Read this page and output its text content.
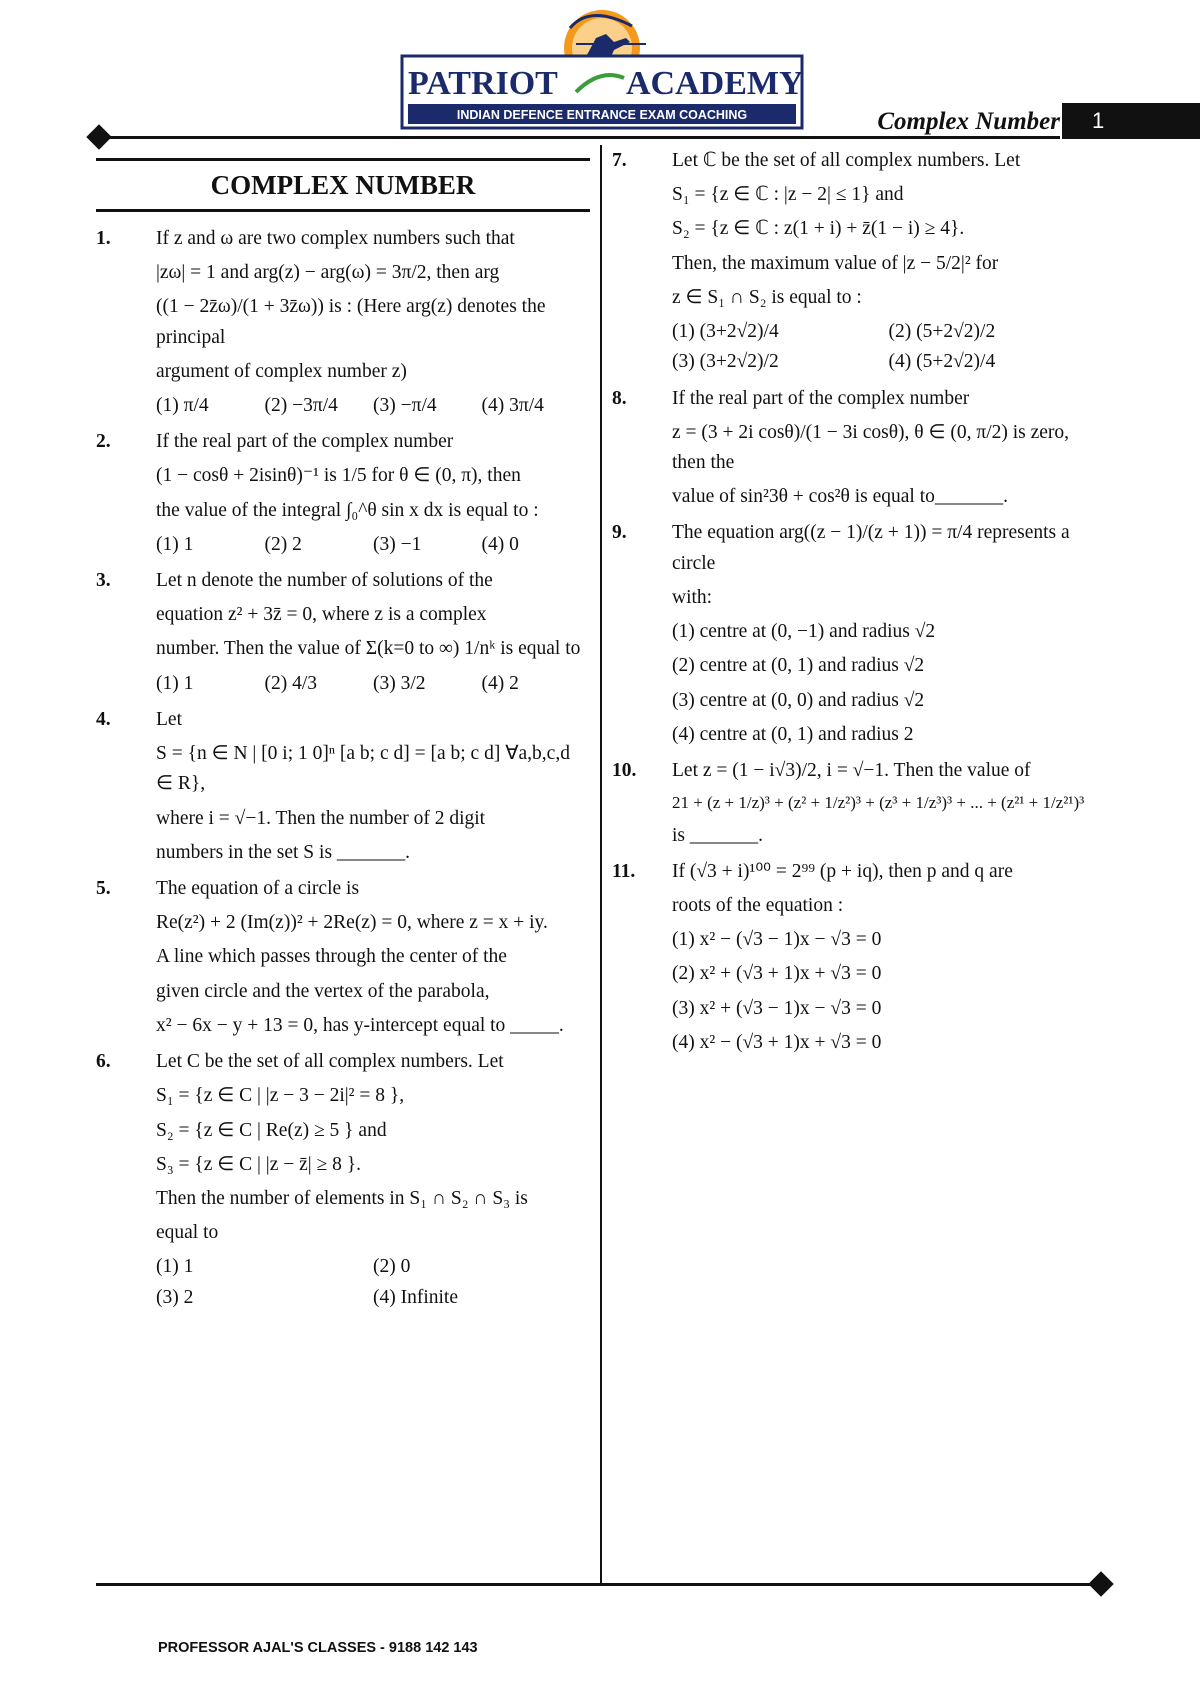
PATRIOT ACADEMY
INDIAN DEFENCE ENTRANCE EXAM COACHING	Complex Number	1
COMPLEX NUMBER
1.	If z and ω are two complex numbers such that

|zω| = 1 and arg(z) − arg(ω) = 3π/2, then arg

((1 − 2z̄ω)/(1 + 3z̄ω)) is : (Here arg(z) denotes the principal

argument of complex number z)

(1) π/4	(2) −3π/4	(3) −π/4	(4) 3π/4
2.	If the real part of the complex number

(1 − cosθ + 2isinθ)⁻¹ is 1/5 for θ ∈ (0, π), then

the value of the integral ∫₀^θ sin x dx is equal to :

(1) 1	(2) 2	(3) −1	(4) 0
3.	Let n denote the number of solutions of the

equation z² + 3z̄ = 0, where z is a complex

number. Then the value of Σ(k=0 to ∞) 1/nᵏ is equal to

(1) 1	(2) 4/3	(3) 3/2	(4) 2
4.	Let

S = {n ∈ N | [0 i; 1 0]ⁿ [a b; c d] = [a b; c d] ∀a,b,c,d ∈ R},

where i = √−1. Then the number of 2 digit

numbers in the set S is _______.

5.	The equation of a circle is

Re(z²) + 2 (Im(z))² + 2Re(z) = 0, where z = x + iy.

A line which passes through the center of the

given circle and the vertex of the parabola,

x² − 6x − y + 13 = 0, has y-intercept equal to _____.

6.	Let C be the set of all complex numbers. Let

S₁ = {z ∈ C | |z − 3 − 2i|² = 8 },

S₂ = {z ∈ C | Re(z) ≥ 5 } and

S₃ = {z ∈ C | |z − z̄| ≥ 8 }.

Then the number of elements in S₁ ∩ S₂ ∩ S₃ is

equal to

(1) 1	(2) 0
(3) 2	(4) Infinite
7.	Let ℂ be the set of all complex numbers. Let

S₁ = {z ∈ ℂ : |z − 2| ≤ 1} and

S₂ = {z ∈ ℂ : z(1 + i) + z̄(1 − i) ≥ 4}.

Then, the maximum value of |z − 5/2|² for

z ∈ S₁ ∩ S₂ is equal to :

(1) (3+2√2)/4	(2) (5+2√2)/2
(3) (3+2√2)/2	(4) (5+2√2)/4
8.	If the real part of the complex number

z = (3 + 2i cosθ)/(1 − 3i cosθ), θ ∈ (0, π/2) is zero, then the

value of sin²3θ + cos²θ is equal to_______.

9.	The equation arg((z − 1)/(z + 1)) = π/4 represents a circle

with:

(1) centre at (0, −1) and radius √2
(2) centre at (0, 1) and radius √2
(3) centre at (0, 0) and radius √2
(4) centre at (0, 1) and radius 2
10.	Let z = (1 − i√3)/2, i = √−1. Then the value of

21 + (z + 1/z)³ + (z² + 1/z²)³ + (z³ + 1/z³)³ + ... + (z²¹ + 1/z²¹)³

is _______.

11.	If (√3 + i)¹⁰⁰ = 2⁹⁹ (p + iq), then p and q are

roots of the equation :

(1) x² − (√3 − 1)x − √3 = 0
(2) x² + (√3 + 1)x + √3 = 0
(3) x² + (√3 − 1)x − √3 = 0
(4) x² − (√3 + 1)x + √3 = 0
PROFESSOR AJAL'S CLASSES - 9188 142 143
